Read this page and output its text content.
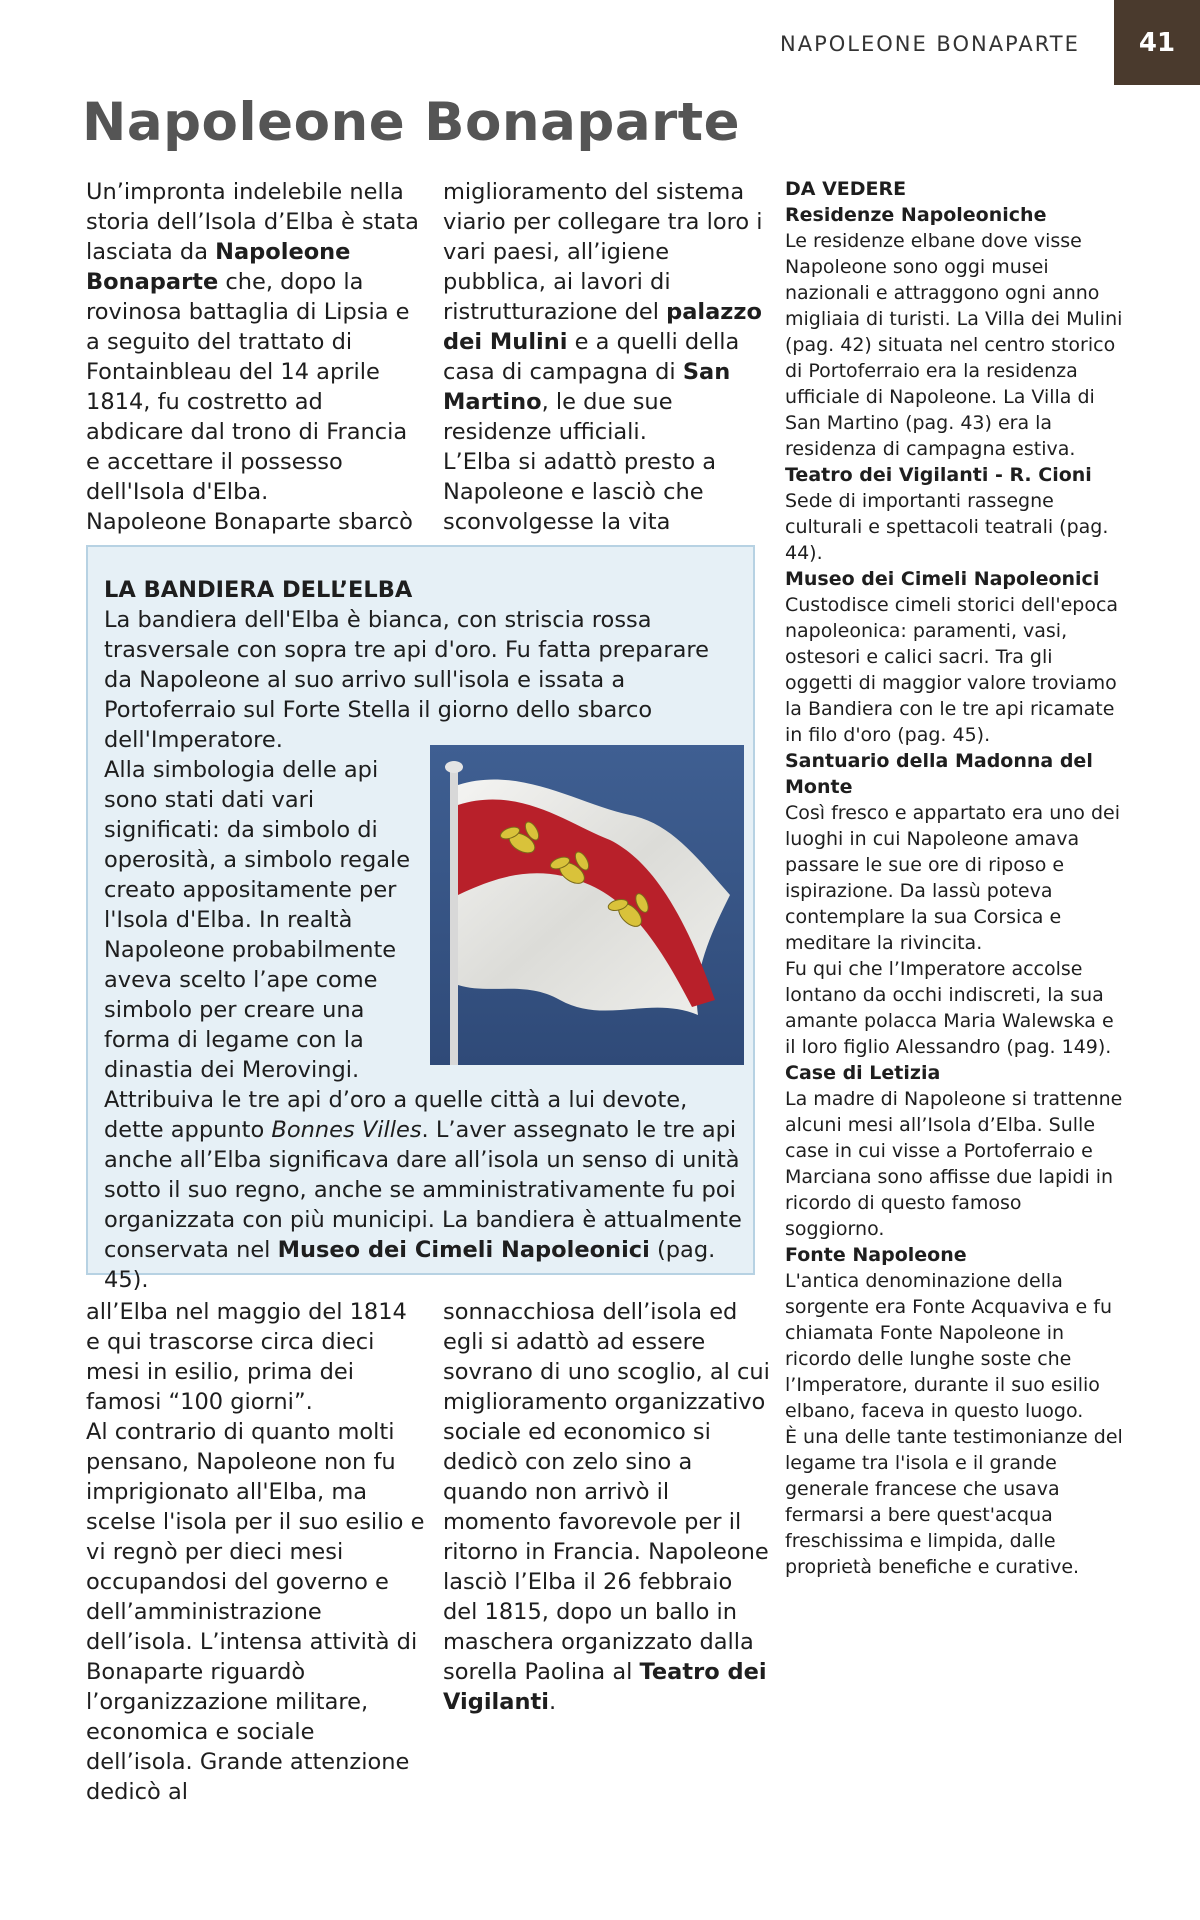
NAPOLEONE BONAPARTE	41
Napoleone Bonaparte

Un’impronta indelebile nella storia dell’Isola d’Elba è stata lasciata da Napoleone Bonaparte che, dopo la rovinosa battaglia di Lipsia e a seguito del trattato di Fontainbleau del 14 aprile 1814, fu costretto ad abdicare dal trono di Francia e accettare il possesso dell'Isola d'Elba.

Napoleone Bonaparte sbarcò

miglioramento del sistema viario per collegare tra loro i vari paesi, all’igiene pubblica, ai lavori di ristrutturazione del palazzo dei Mulini e a quelli della casa di campagna di San Martino, le due sue residenze ufficiali.

L’Elba si adattò presto a Napoleone e lasciò che sconvolgesse la vita

LA BANDIERA DELL’ELBA

La bandiera dell'Elba è bianca, con striscia rossa trasversale con sopra tre api d'oro. Fu fatta preparare da Napoleone al suo arrivo sull'isola e issata a Portoferraio sul Forte Stella il giorno dello sbarco dell'Imperatore.

Alla simbologia delle api sono stati dati vari significati: da simbolo di operosità, a simbolo regale creato appositamente per l'Isola d'Elba. In realtà Napoleone probabilmente aveva scelto l’ape come simbolo per creare una forma di legame con la dinastia dei Merovingi. Attribuiva le tre api d’oro a quelle città a lui devote, dette appunto Bonnes Villes. L’aver assegnato le tre api anche all’Elba significava dare all’isola un senso di unità sotto il suo regno, anche se amministrativamente fu poi organizzata con più municipi. La bandiera è attualmente conservata nel Museo dei Cimeli Napoleonici (pag. 45).

all’Elba nel maggio del 1814 e qui trascorse circa dieci mesi in esilio, prima dei famosi “100 giorni”.

Al contrario di quanto molti pensano, Napoleone non fu imprigionato all'Elba, ma scelse l'isola per il suo esilio e vi regnò per dieci mesi occupandosi del governo e dell’amministrazione dell’isola. L’intensa attività di Bonaparte riguardò l’organizzazione militare, economica e sociale dell’isola. Grande attenzione dedicò al

sonnacchiosa dell’isola ed egli si adattò ad essere sovrano di uno scoglio, al cui miglioramento organizzativo sociale ed economico si dedicò con zelo sino a quando non arrivò il momento favorevole per il ritorno in Francia. Napoleone lasciò l’Elba il 26 febbraio del 1815, dopo un ballo in maschera organizzato dalla sorella Paolina al Teatro dei Vigilanti.

DA VEDERE

Residenze Napoleoniche

Le residenze elbane dove visse Napoleone sono oggi musei nazionali e attraggono ogni anno migliaia di turisti. La Villa dei Mulini (pag. 42) situata nel centro storico di Portoferraio era la residenza ufficiale di Napoleone. La Villa di San Martino (pag. 43) era la residenza di campagna estiva.

Teatro dei Vigilanti - R. Cioni

Sede di importanti rassegne culturali e spettacoli teatrali (pag. 44).

Museo dei Cimeli Napoleonici

Custodisce cimeli storici dell'epoca napoleonica: paramenti, vasi, ostesori e calici sacri. Tra gli oggetti di maggior valore troviamo la Bandiera con le tre api ricamate in filo d'oro (pag. 45).

Santuario della Madonna del Monte

Così fresco e appartato era uno dei luoghi in cui Napoleone amava passare le sue ore di riposo e ispirazione. Da lassù poteva contemplare la sua Corsica e meditare la rivincita.

Fu qui che l’Imperatore accolse lontano da occhi indiscreti, la sua amante polacca Maria Walewska e il loro figlio Alessandro (pag. 149).

Case di Letizia

La madre di Napoleone si trattenne alcuni mesi all’Isola d’Elba. Sulle case in cui visse a Portoferraio e Marciana sono affisse due lapidi in ricordo di questo famoso soggiorno.

Fonte Napoleone

L'antica denominazione della sorgente era Fonte Acquaviva e fu chiamata Fonte Napoleone in ricordo delle lunghe soste che l’Imperatore, durante il suo esilio elbano, faceva in questo luogo.

È una delle tante testimonianze del legame tra l'isola e il grande generale francese che usava fermarsi a bere quest'acqua freschissima e limpida, dalle proprietà benefiche e curative.
